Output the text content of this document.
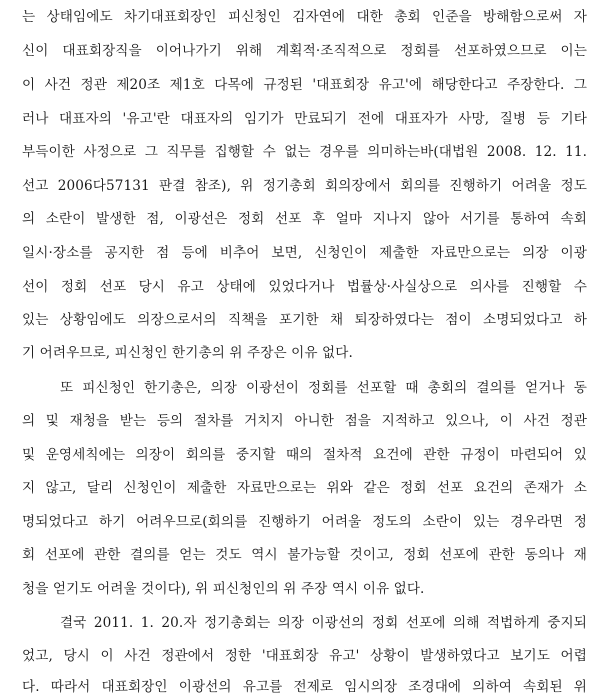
는 상태임에도 차기대표회장인 피신청인 김자연에 대한 총회 인준을 방해함으로써 자
신이 대표회장직을 이어나가기 위해 계획적·조직적으로 정회를 선포하였으므로 이는
이 사건 정관 제20조 제1호 다목에 규정된 '대표회장 유고'에 해당한다고 주장한다. 그
러나 대표자의 '유고'란 대표자의 임기가 만료되기 전에 대표자가 사망, 질병 등 기타
부득이한 사정으로 그 직무를 집행할 수 없는 경우를 의미하는바(대법원 2008. 12. 11.
선고 2006다57131 판결 참조), 위 정기총회 회의장에서 회의를 진행하기 어려울 정도
의 소란이 발생한 점, 이광선은 정회 선포 후 얼마 지나지 않아 서기를 통하여 속회
일시·장소를 공지한 점 등에 비추어 보면, 신청인이 제출한 자료만으로는 의장 이광
선이 정회 선포 당시 유고 상태에 있었다거나 법률상·사실상으로 의사를 진행할 수
있는 상황임에도 의장으로서의 직책을 포기한 채 퇴장하였다는 점이 소명되었다고 하
기 어려우므로, 피신청인 한기총의 위 주장은 이유 없다.
또 피신청인 한기총은, 의장 이광선이 정회를 선포할 때 총회의 결의를 얻거나 동
의 및 재청을 받는 등의 절차를 거치지 아니한 점을 지적하고 있으나, 이 사건 정관
및 운영세칙에는 의장이 회의를 중지할 때의 절차적 요건에 관한 규정이 마련되어 있
지 않고, 달리 신청인이 제출한 자료만으로는 위와 같은 정회 선포 요건의 존재가 소
명되었다고 하기 어려우므로(회의를 진행하기 어려울 정도의 소란이 있는 경우라면 정
회 선포에 관한 결의를 얻는 것도 역시 불가능할 것이고, 정회 선포에 관한 동의나 재
청을 얻기도 어려울 것이다), 위 피신청인의 위 주장 역시 이유 없다.
결국 2011. 1. 20.자 정기총회는 의장 이광선의 정회 선포에 의해 적법하게 중지되
었고, 당시 이 사건 정관에서 정한 '대표회장 유고' 상황이 발생하였다고 보기도 어렵
다. 따라서 대표회장인 이광선의 유고를 전제로 임시의장 조경대에 의하여 속회된 위
